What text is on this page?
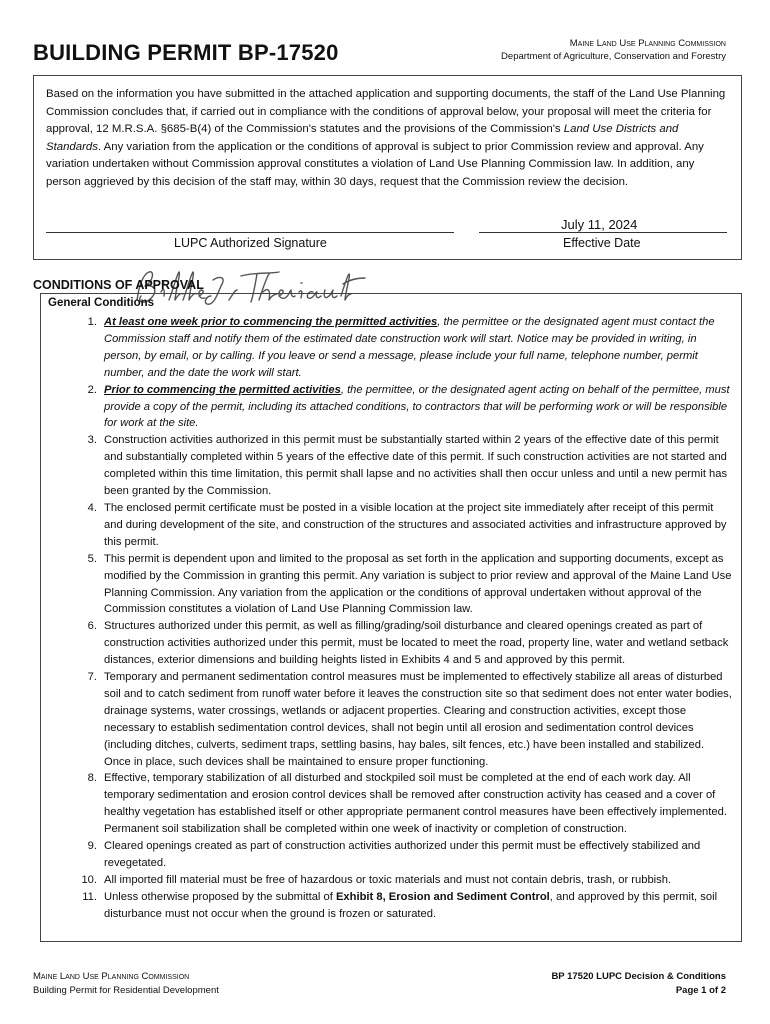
BUILDING PERMIT BP-17520	Maine Land Use Planning Commission
Department of Agriculture, Conservation and Forestry

Based on the information you have submitted in the attached application and supporting documents, the staff of the Land Use Planning Commission concludes that, if carried out in compliance with the conditions of approval below, your proposal will meet the criteria for approval, 12 M.R.S.A. §685-B(4) of the Commission's statutes and the provisions of the Commission's Land Use Districts and Standards. Any variation from the application or the conditions of approval is subject to prior Commission review and approval. Any variation undertaken without Commission approval constitutes a violation of Land Use Planning Commission law. In addition, any person aggrieved by this decision of the staff may, within 30 days, request that the Commission review the decision.

LUPC Authorized Signature
July 11, 2024
Effective Date
CONDITIONS OF APPROVAL
General Conditions
1. At least one week prior to commencing the permitted activities, the permittee or the designated agent must contact the Commission staff and notify them of the estimated date construction work will start. Notice may be provided in writing, in person, by email, or by calling. If you leave or send a message, please include your full name, telephone number, permit number, and the date the work will start.
2. Prior to commencing the permitted activities, the permittee, or the designated agent acting on behalf of the permittee, must provide a copy of the permit, including its attached conditions, to contractors that will be performing work or will be responsible for work at the site.
3. Construction activities authorized in this permit must be substantially started within 2 years of the effective date of this permit and substantially completed within 5 years of the effective date of this permit. If such construction activities are not started and completed within this time limitation, this permit shall lapse and no activities shall then occur unless and until a new permit has been granted by the Commission.
4. The enclosed permit certificate must be posted in a visible location at the project site immediately after receipt of this permit and during development of the site, and construction of the structures and associated activities and infrastructure approved by this permit.
5. This permit is dependent upon and limited to the proposal as set forth in the application and supporting documents, except as modified by the Commission in granting this permit. Any variation is subject to prior review and approval of the Maine Land Use Planning Commission. Any variation from the application or the conditions of approval undertaken without approval of the Commission constitutes a violation of Land Use Planning Commission law.
6. Structures authorized under this permit, as well as filling/grading/soil disturbance and cleared openings created as part of construction activities authorized under this permit, must be located to meet the road, property line, water and wetland setback distances, exterior dimensions and building heights listed in Exhibits 4 and 5 and approved by this permit.
7. Temporary and permanent sedimentation control measures must be implemented to effectively stabilize all areas of disturbed soil and to catch sediment from runoff water before it leaves the construction site so that sediment does not enter water bodies, drainage systems, water crossings, wetlands or adjacent properties. Clearing and construction activities, except those necessary to establish sedimentation control devices, shall not begin until all erosion and sedimentation control devices (including ditches, culverts, sediment traps, settling basins, hay bales, silt fences, etc.) have been installed and stabilized. Once in place, such devices shall be maintained to ensure proper functioning.
8. Effective, temporary stabilization of all disturbed and stockpiled soil must be completed at the end of each work day. All temporary sedimentation and erosion control devices shall be removed after construction activity has ceased and a cover of healthy vegetation has established itself or other appropriate permanent control measures have been effectively implemented. Permanent soil stabilization shall be completed within one week of inactivity or completion of construction.
9. Cleared openings created as part of construction activities authorized under this permit must be effectively stabilized and revegetated.
10. All imported fill material must be free of hazardous or toxic materials and must not contain debris, trash, or rubbish.
11. Unless otherwise proposed by the submittal of Exhibit 8, Erosion and Sediment Control, and approved by this permit, soil disturbance must not occur when the ground is frozen or saturated.
Maine Land Use Planning Commission
Building Permit for Residential Development
BP 17520 LUPC Decision & Conditions
Page 1 of 2
